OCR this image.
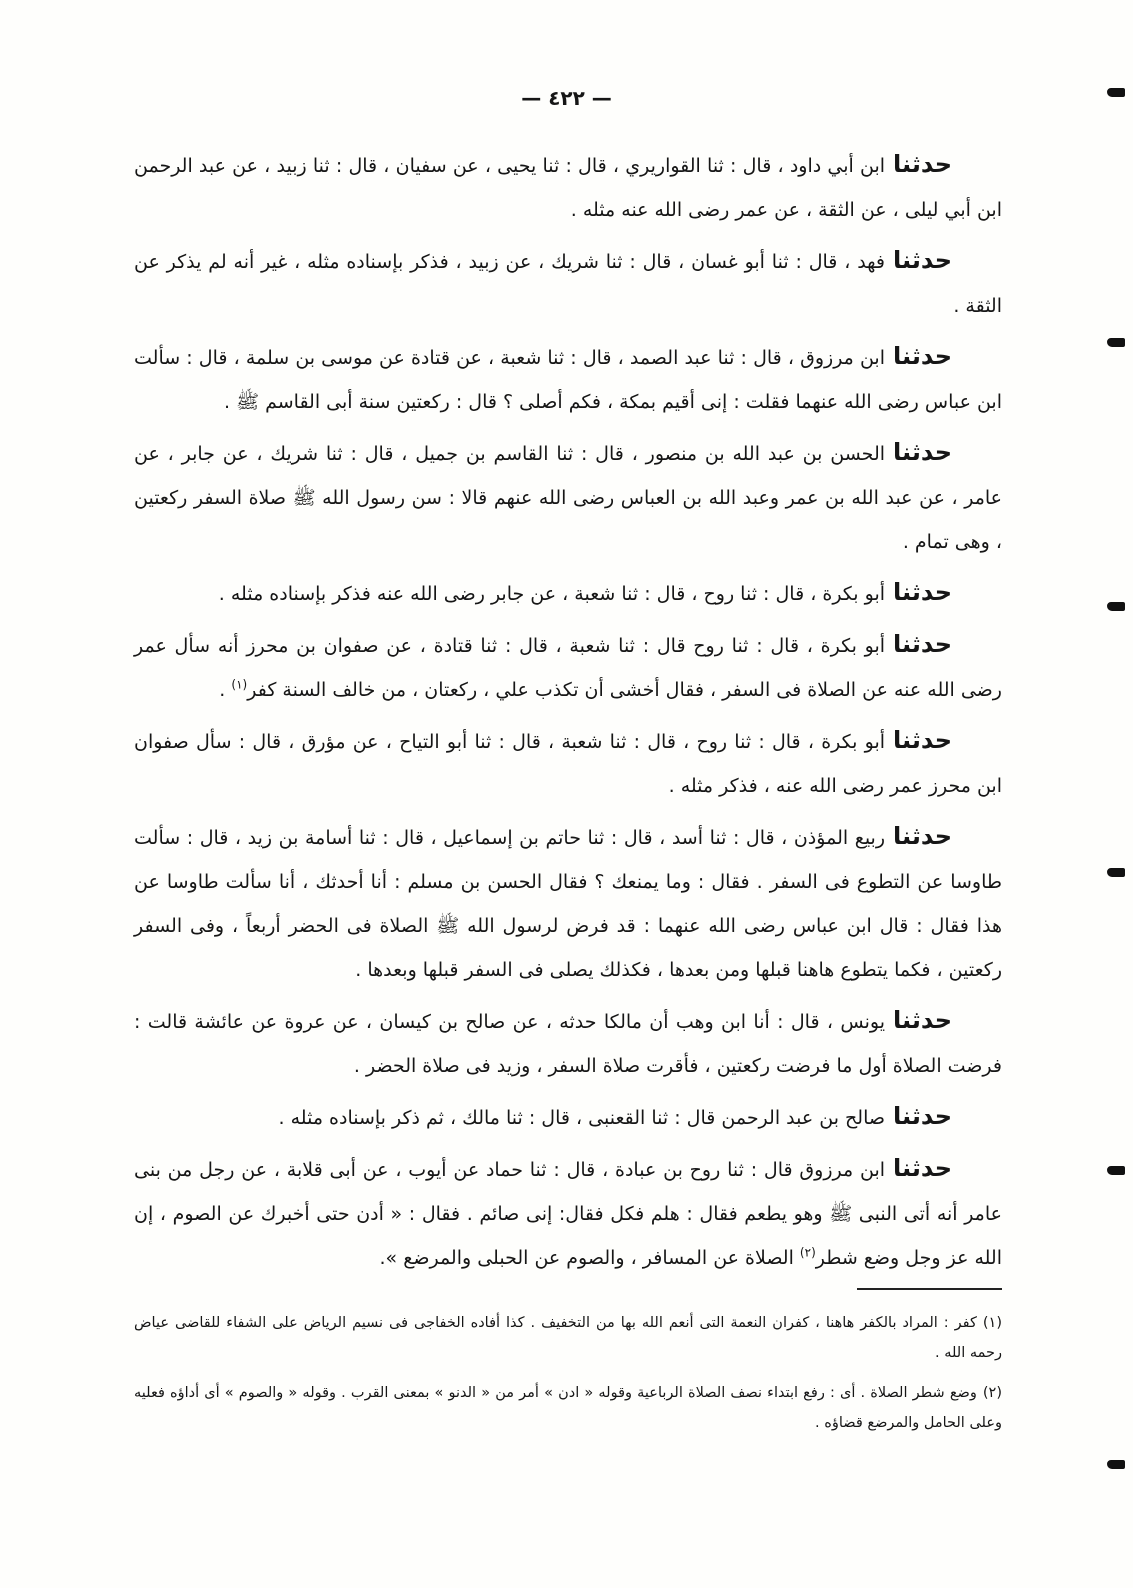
— ٤٢٢ —

حدثناابن أبي داود ، قال : ثنا القواريري ، قال : ثنا يحيى ، عن سفيان ، قال : ثنا زبيد ، عن عبد الرحمن ابن أبي ليلى ، عن الثقة ، عن عمر رضى الله عنه مثله .

حدثنافهد ، قال : ثنا أبو غسان ، قال : ثنا شريك ، عن زبيد ، فذكر بإسناده مثله ، غير أنه لم يذكر عن الثقة .

حدثناابن مرزوق ، قال : ثنا عبد الصمد ، قال : ثنا شعبة ، عن قتادة عن موسى بن سلمة ، قال : سألت ابن عباس رضى الله عنهما فقلت : إنى أقيم بمكة ، فكم أصلى ؟ قال : ركعتين سنة أبى القاسم ﷺ .

حدثناالحسن بن عبد الله بن منصور ، قال : ثنا القاسم بن جميل ، قال : ثنا شريك ، عن جابر ، عن عامر ، عن عبد الله بن عمر وعبد الله بن العباس رضى الله عنهم قالا : سن رسول الله ﷺ صلاة السفر ركعتين ، وهى تمام .

حدثناأبو بكرة ، قال : ثنا روح ، قال : ثنا شعبة ، عن جابر رضى الله عنه فذكر بإسناده مثله .

حدثناأبو بكرة ، قال : ثنا روح قال : ثنا شعبة ، قال : ثنا قتادة ، عن صفوان بن محرز أنه سأل عمر رضى الله عنه عن الصلاة فى السفر ، فقال أخشى أن تكذب علي ، ركعتان ، من خالف السنة كفر$^{(١)}$ .

حدثناأبو بكرة ، قال : ثنا روح ، قال : ثنا شعبة ، قال : ثنا أبو التياح ، عن مؤرق ، قال : سأل صفوان ابن محرز عمر رضى الله عنه ، فذكر مثله .

حدثناربيع المؤذن ، قال : ثنا أسد ، قال : ثنا حاتم بن إسماعيل ، قال : ثنا أسامة بن زيد ، قال : سألت طاوسا عن التطوع فى السفر . فقال : وما يمنعك ؟ فقال الحسن بن مسلم : أنا أحدثك ، أنا سألت طاوسا عن هذا فقال : قال ابن عباس رضى الله عنهما : قد فرض لرسول الله ﷺ الصلاة فى الحضر أربعاً ، وفى السفر ركعتين ، فكما يتطوع هاهنا قبلها ومن بعدها ، فكذلك يصلى فى السفر قبلها وبعدها .

حدثنايونس ، قال : أنا ابن وهب أن مالكا حدثه ، عن صالح بن كيسان ، عن عروة عن عائشة قالت : فرضت الصلاة أول ما فرضت ركعتين ، فأقرت صلاة السفر ، وزيد فى صلاة الحضر .

حدثناصالح بن عبد الرحمن قال : ثنا القعنبى ، قال : ثنا مالك ، ثم ذكر بإسناده مثله .

حدثناابن مرزوق قال : ثنا روح بن عبادة ، قال : ثنا حماد عن أيوب ، عن أبى قلابة ، عن رجل من بنى عامر أنه أتى النبى ﷺ وهو يطعم فقال : هلم فكل فقال: إنى صائم . فقال : « أدن حتى أخبرك عن الصوم ، إن الله عز وجل وضع شطر$^{(٢)}$ الصلاة عن المسافر ، والصوم عن الحبلى والمرضع ».

(١)كفر : المراد بالكفر هاهنا ، كفران النعمة التى أنعم الله بها من التخفيف . كذا أفاده الخفاجى فى نسيم الرياض على الشفاء للقاضى عياض رحمه الله .

(٢)وضع شطر الصلاة . أى : رفع ابتداء نصف الصلاة الرباعية وقوله « ادن » أمر من « الدنو » بمعنى القرب . وقوله « والصوم » أى أداؤه فعليه وعلى الحامل والمرضع قضاؤه .
